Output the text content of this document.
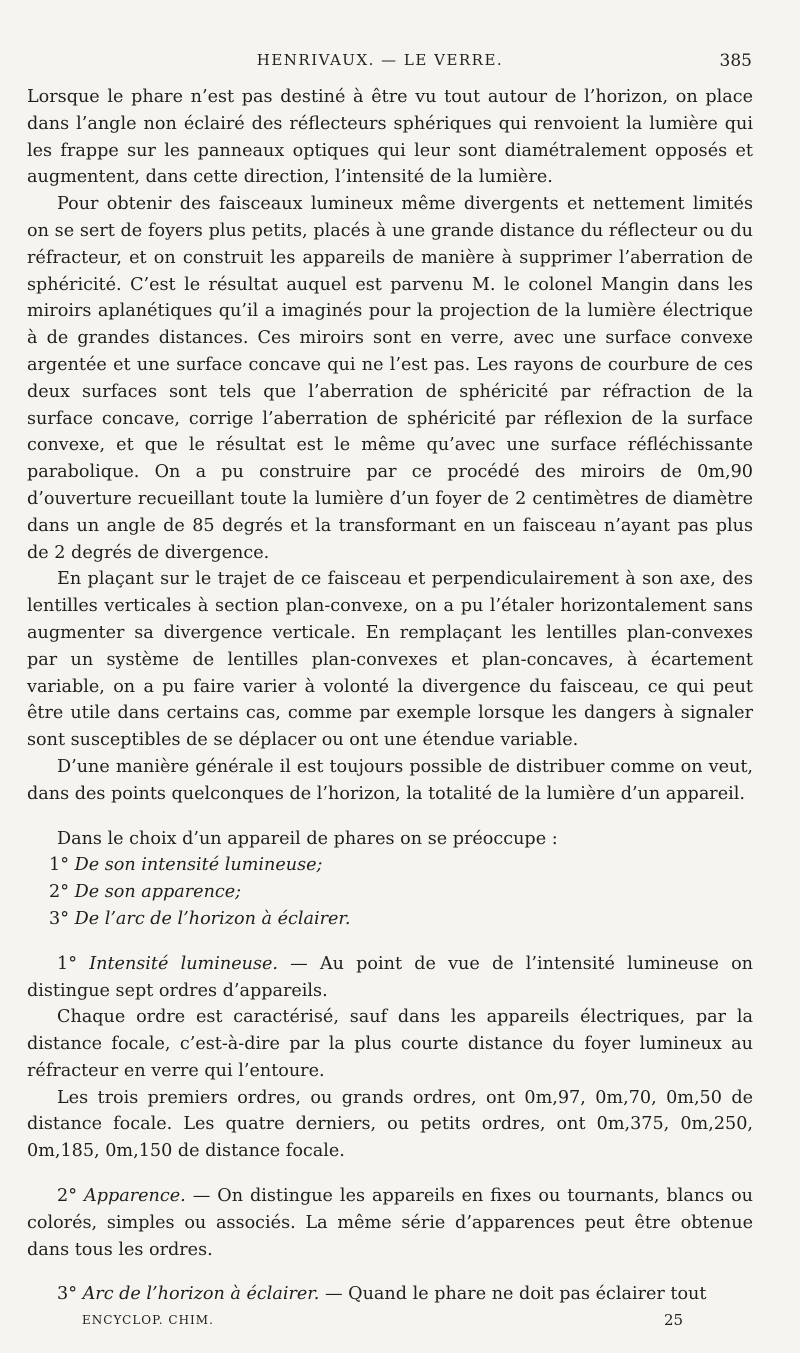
HENRIVAUX. — LE VERRE.	385

Lorsque le phare n’est pas destiné à être vu tout autour de l’horizon, on place dans l’angle non éclairé des réflecteurs sphériques qui renvoient la lumière qui les frappe sur les panneaux optiques qui leur sont diamétralement opposés et augmentent, dans cette direction, l’intensité de la lumière.

Pour obtenir des faisceaux lumineux même divergents et nettement limités on se sert de foyers plus petits, placés à une grande distance du réflecteur ou du réfracteur, et on construit les appareils de manière à supprimer l’aberration de sphéricité. C’est le résultat auquel est parvenu M. le colonel Mangin dans les miroirs aplanétiques qu’il a imaginés pour la projection de la lumière électrique à de grandes distances. Ces miroirs sont en verre, avec une surface convexe argentée et une surface concave qui ne l’est pas. Les rayons de courbure de ces deux surfaces sont tels que l’aberration de sphéricité par réfraction de la surface concave, corrige l’aberration de sphéricité par réflexion de la surface convexe, et que le résultat est le même qu’avec une surface réfléchissante parabolique. On a pu construire par ce procédé des miroirs de 0m,90 d’ouverture recueillant toute la lumière d’un foyer de 2 centimètres de diamètre dans un angle de 85 degrés et la transformant en un faisceau n’ayant pas plus de 2 degrés de divergence.

En plaçant sur le trajet de ce faisceau et perpendiculairement à son axe, des lentilles verticales à section plan-convexe, on a pu l’étaler horizontalement sans augmenter sa divergence verticale. En remplaçant les lentilles plan-convexes par un système de lentilles plan-convexes et plan-concaves, à écartement variable, on a pu faire varier à volonté la divergence du faisceau, ce qui peut être utile dans certains cas, comme par exemple lorsque les dangers à signaler sont susceptibles de se déplacer ou ont une étendue variable.

D’une manière générale il est toujours possible de distribuer comme on veut, dans des points quelconques de l’horizon, la totalité de la lumière d’un appareil.

Dans le choix d’un appareil de phares on se préoccupe :

1° De son intensité lumineuse;

2° De son apparence;

3° De l’arc de l’horizon à éclairer.

1° Intensité lumineuse. — Au point de vue de l’intensité lumineuse on distingue sept ordres d’appareils.

Chaque ordre est caractérisé, sauf dans les appareils électriques, par la distance focale, c’est-à-dire par la plus courte distance du foyer lumineux au réfracteur en verre qui l’entoure.

Les trois premiers ordres, ou grands ordres, ont 0m,97, 0m,70, 0m,50 de distance focale. Les quatre derniers, ou petits ordres, ont 0m,375, 0m,250, 0m,185, 0m,150 de distance focale.

2° Apparence. — On distingue les appareils en fixes ou tournants, blancs ou colorés, simples ou associés. La même série d’apparences peut être obtenue dans tous les ordres.

3° Arc de l’horizon à éclairer. — Quand le phare ne doit pas éclairer tout

ENCYCLOP. CHIM.	25
